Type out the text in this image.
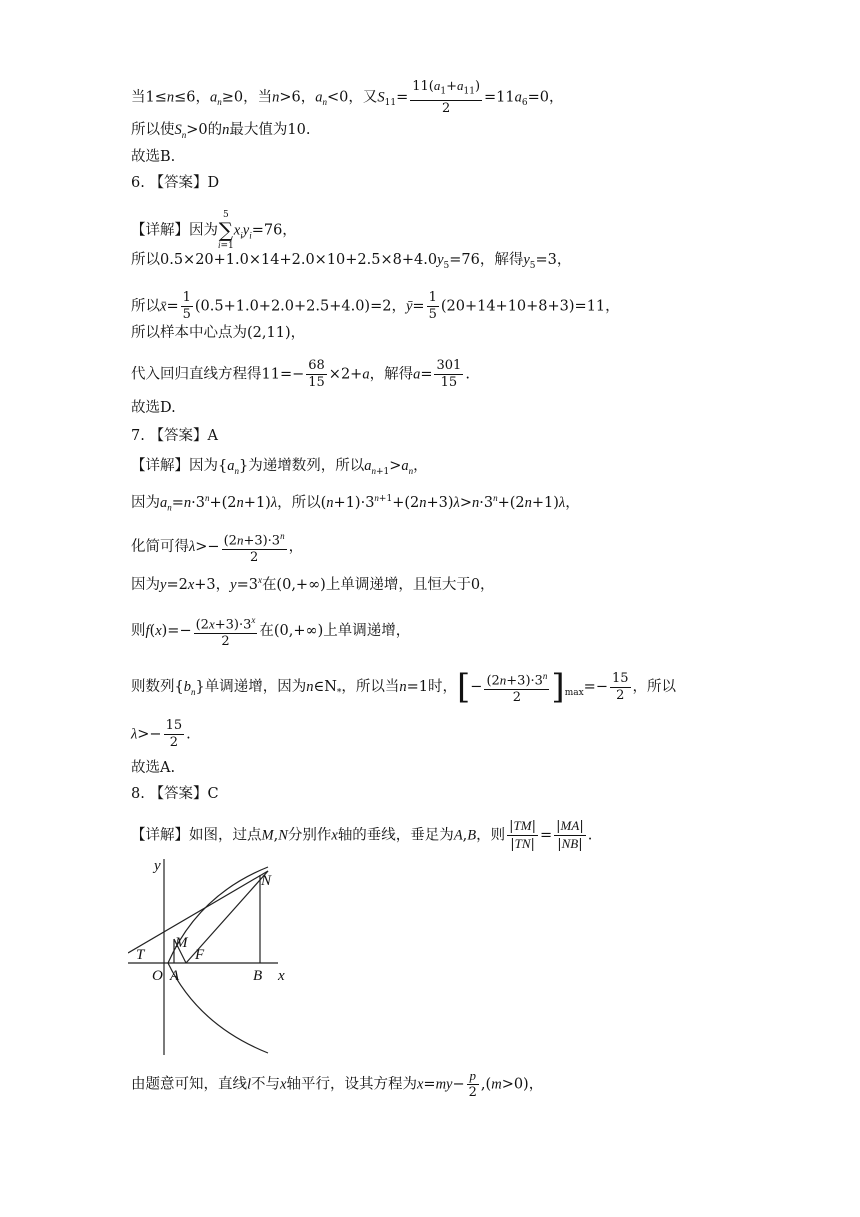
当1≤n≤6，$a_n\ge 0$，当n>6，$a_n<0$，又$S_{11}= \frac{11(a_1+a_{11})}{2} =11a_6=0$，
所以使$S_n>0$的n最大值为10.
故选B.
6. 【答案】D
【详解】因为5
∑
$i=1x_iy_i=76$，
所以$0.5\times 20+1.0\times 14+2.0\times 10+2.5\times 8+4.0y_5=76$，解得$y_5=3$，
所以x̄= $\frac{1}{5} (0.5+1.0+2.0+2.5+4.0)=2$，ȳ= $\frac{1}{5} (20+14+10+8+3)=11$，
所以样本中心点为(2,11)，
代入回归直线方程得$11=- \frac{68}{15} \times 2+a$，解得$a= \frac{301}{15}$ .
故选D.
7. 【答案】A
【详解】因为$\{a_n\}$为递增数列，所以$a_{n+1}>a_n$，
因为$a_n=n\cdot 3^n+(2n+1)\lambda$，所以$(n+1)\cdot 3^{n+1}+(2n+3)\lambda>n\cdot 3^n+(2n+1)\lambda$，
化简可得$\lambda>- \frac{(2n+3)\cdot 3^n}{2}$ ，
因为y=2x+3，$y=3^x$在(0,+∞)上单调递增，且恒大于0，
则$f(x)=- \frac{(2x+3)\cdot 3^x}{2}$ 在(0,+∞)上单调递增，
则数列$\{b_n\}$单调递增，因为$n\in N_*$，所以当n=1时，[− $\frac{(2n+3)\cdot 3^n}{2} ]_{max}=- \frac{15}{2}$ ，所以
$\lambda>- \frac{15}{2}$ .
故选A.
8. 【答案】C
【详解】如图，过点M,N分别作x轴的垂线，垂足为A,B，则 $\frac{|TM|}{|TN|} = \frac{|MA|}{|NB|}$ .
y
N
M
T
O A
F
B x
由题意可知，直线l不与x轴平行，设其方程为$x=my- \frac{p}{2} ,(m>0)$，
